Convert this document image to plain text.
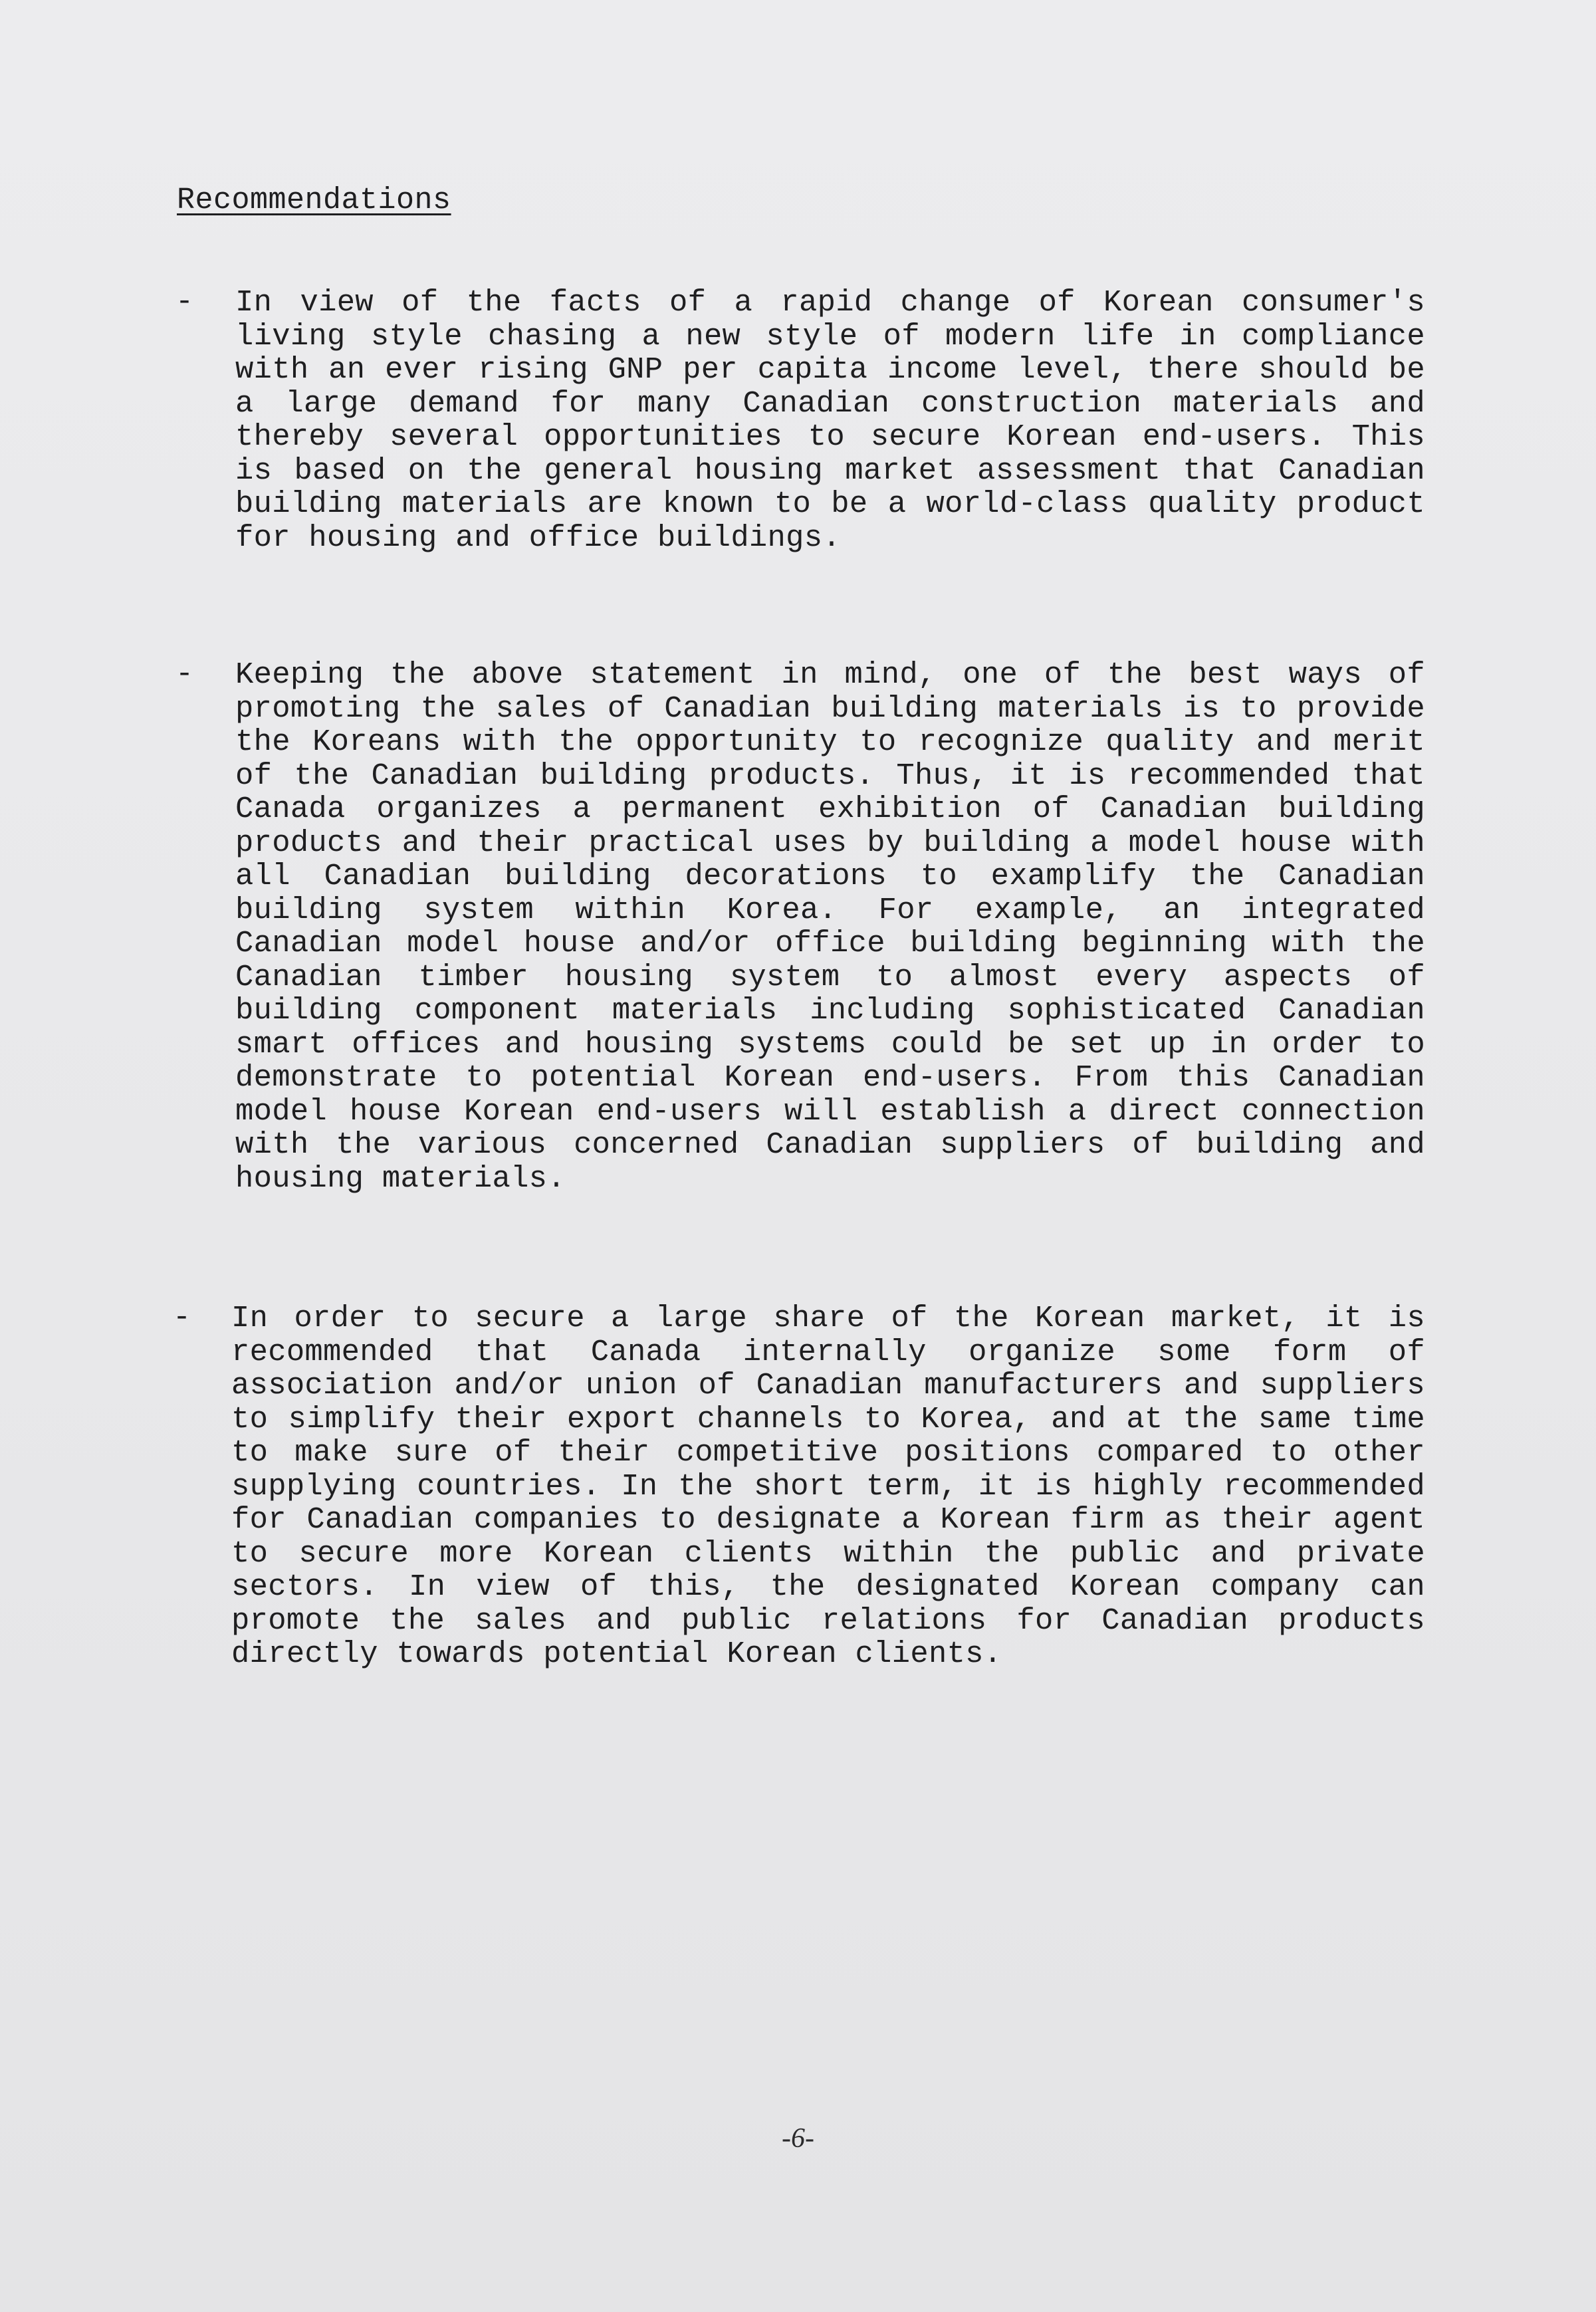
Recommendations
- In view of the facts of a rapid change of Korean consumer's living style chasing a new style of modern life in compliance with an ever rising GNP per capita income level, there should be a large demand for many Canadian construction materials and thereby several opportunities to secure Korean end-users. This is based on the general housing market assessment that Canadian building materials are known to be a world-class quality product for housing and office buildings.

- Keeping the above statement in mind, one of the best ways of promoting the sales of Canadian building materials is to provide the Koreans with the opportunity to recognize quality and merit of the Canadian building products. Thus, it is recommended that Canada organizes a permanent exhibition of Canadian building products and their practical uses by building a model house with all Canadian building decorations to examplify the Canadian building system within Korea. For example, an integrated Canadian model house and/or office building beginning with the Canadian timber housing system to almost every aspects of building component materials including sophisticated Canadian smart offices and housing systems could be set up in order to demonstrate to potential Korean end-users. From this Canadian model house Korean end-users will establish a direct connection with the various concerned Canadian suppliers of building and housing materials.

- In order to secure a large share of the Korean market, it is recommended that Canada internally organize some form of association and/or union of Canadian manufacturers and suppliers to simplify their export channels to Korea, and at the same time to make sure of their competitive positions compared to other supplying countries. In the short term, it is highly recommended for Canadian companies to designate a Korean firm as their agent to secure more Korean clients within the public and private sectors. In view of this, the designated Korean company can promote the sales and public relations for Canadian products directly towards potential Korean clients.

-6-
